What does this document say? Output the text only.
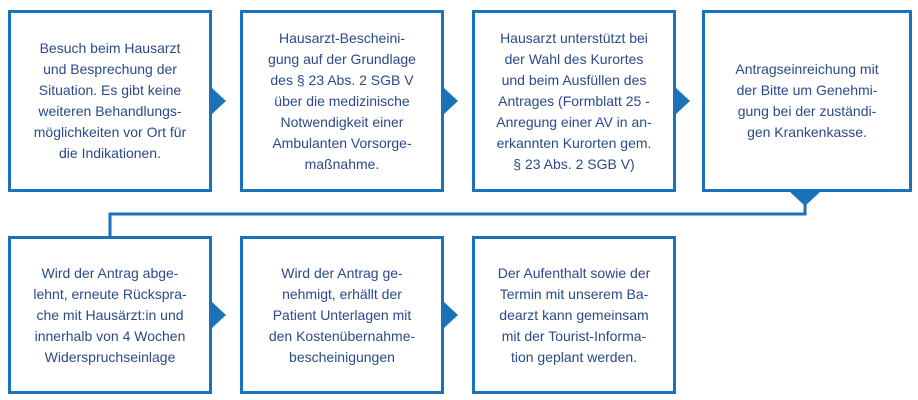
Besuch beim Hausarzt
und Besprechung der
Situation. Es gibt keine
weiteren Behandlungs-
möglichkeiten vor Ort für
die Indikationen.
Hausarzt-Bescheini-
gung auf der Grundlage
des § 23 Abs. 2 SGB V
über die medizinische
Notwendigkeit einer
Ambulanten Vorsorge-
maßnahme.
Hausarzt unterstützt bei
der Wahl des Kurortes
und beim Ausfüllen des
Antrages (Formblatt 25 -
Anregung einer AV in an-
erkannten Kurorten gem.
§ 23 Abs. 2 SGB V)
Antragseinreichung mit
der Bitte um Genehmi-
gung bei der zuständi-
gen Krankenkasse.
Wird der Antrag abge-
lehnt, erneute Rückspra-
che mit Hausärzt:in und
innerhalb von 4 Wochen
Widerspruchseinlage
Wird der Antrag ge-
nehmigt, erhällt der
Patient Unterlagen mit
den Kostenübernahme-
bescheinigungen
Der Aufenthalt sowie der
Termin mit unserem Ba-
dearzt kann gemeinsam
mit der Tourist-Informa-
tion geplant werden.
